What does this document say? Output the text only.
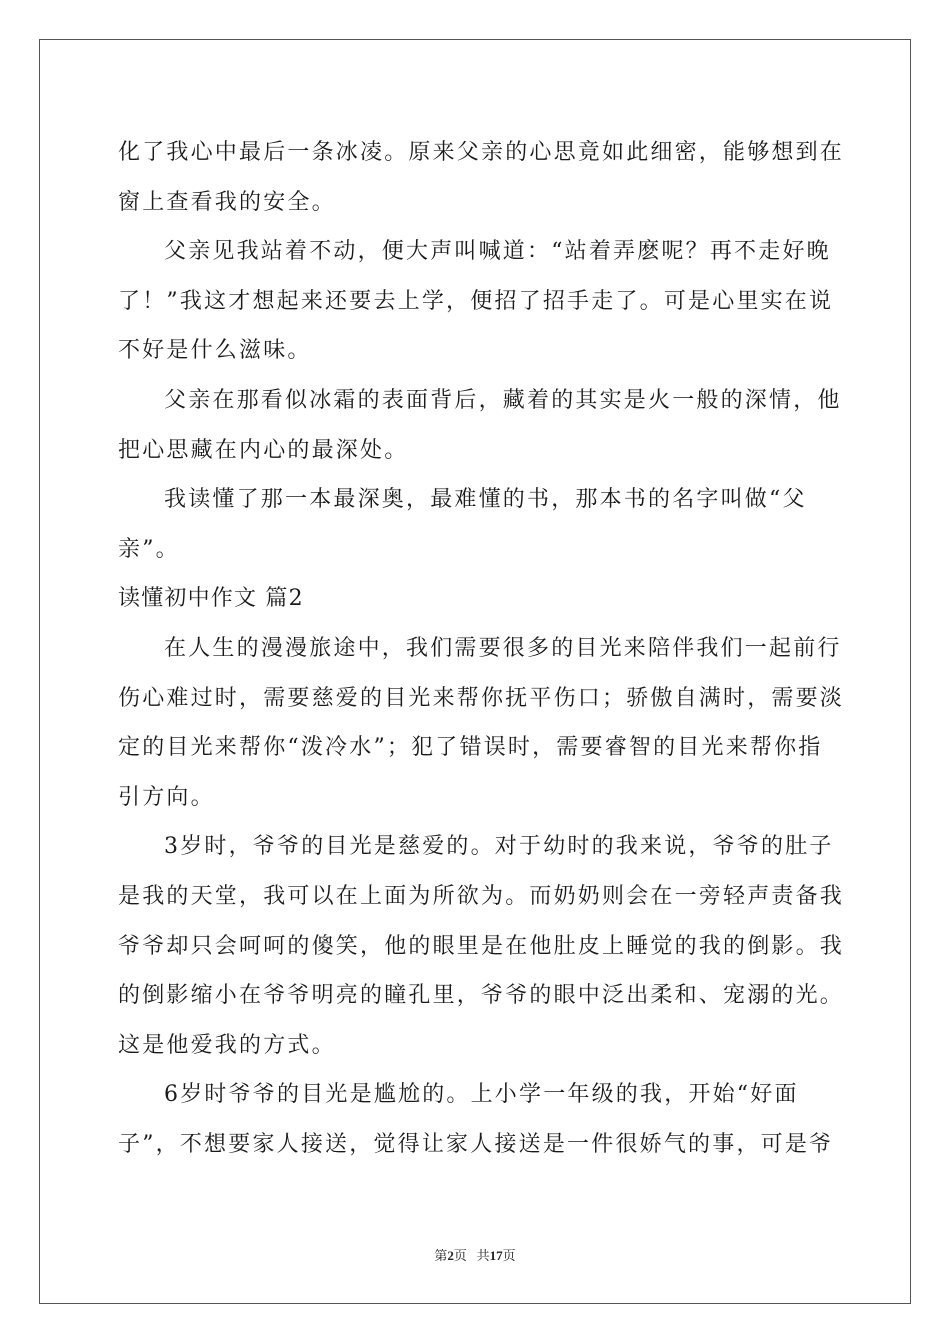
化了我心中最后一条冰凌。原来父亲的心思竟如此细密，能够想到在
窗上查看我的安全。
父亲见我站着不动，便大声叫喊道：“站着弄麽呢？再不走好晚
了！”我这才想起来还要去上学，便招了招手走了。可是心里实在说
不好是什么滋味。
父亲在那看似冰霜的表面背后，藏着的其实是火一般的深情，他
把心思藏在内心的最深处。
我读懂了那一本最深奥，最难懂的书，那本书的名字叫做“父
亲”。
读懂初中作文 篇2
在人生的漫漫旅途中，我们需要很多的目光来陪伴我们一起前行
伤心难过时，需要慈爱的目光来帮你抚平伤口；骄傲自满时，需要淡
定的目光来帮你“泼冷水”；犯了错误时，需要睿智的目光来帮你指
引方向。
3岁时，爷爷的目光是慈爱的。对于幼时的我来说，爷爷的肚子
是我的天堂，我可以在上面为所欲为。而奶奶则会在一旁轻声责备我
爷爷却只会呵呵的傻笑，他的眼里是在他肚皮上睡觉的我的倒影。我
的倒影缩小在爷爷明亮的瞳孔里，爷爷的眼中泛出柔和、宠溺的光。
这是他爱我的方式。
6岁时爷爷的目光是尴尬的。上小学一年级的我，开始“好面
子”，不想要家人接送，觉得让家人接送是一件很娇气的事，可是爷
第2页   共17页
